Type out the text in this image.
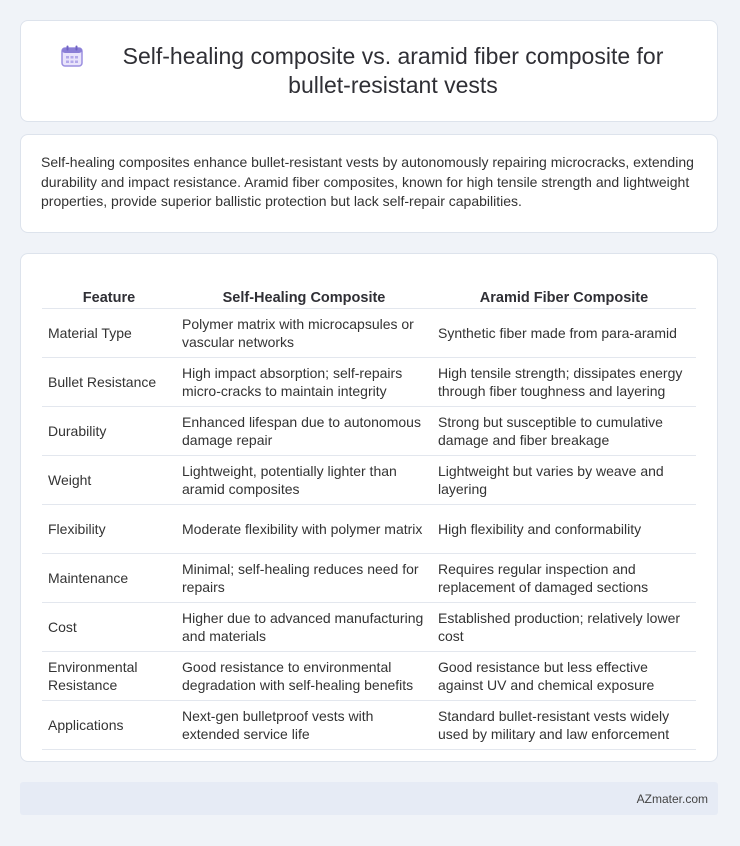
Self-healing composite vs. aramid fiber composite for bullet-resistant vests

Self-healing composites enhance bullet-resistant vests by autonomously repairing microcracks, extending durability and impact resistance. Aramid fiber composites, known for high tensile strength and lightweight properties, provide superior ballistic protection but lack self-repair capabilities.

Feature	Self-Healing Composite	Aramid Fiber Composite
Material Type	Polymer matrix with microcapsules or vascular networks	Synthetic fiber made from para-aramid
Bullet Resistance	High impact absorption; self-repairs micro-cracks to maintain integrity	High tensile strength; dissipates energy through fiber toughness and layering
Durability	Enhanced lifespan due to autonomous damage repair	Strong but susceptible to cumulative damage and fiber breakage
Weight	Lightweight, potentially lighter than aramid composites	Lightweight but varies by weave and layering
Flexibility	Moderate flexibility with polymer matrix	High flexibility and conformability
Maintenance	Minimal; self-healing reduces need for repairs	Requires regular inspection and replacement of damaged sections
Cost	Higher due to advanced manufacturing and materials	Established production; relatively lower cost
Environmental Resistance	Good resistance to environmental degradation with self-healing benefits	Good resistance but less effective against UV and chemical exposure
Applications	Next-gen bulletproof vests with extended service life	Standard bullet-resistant vests widely used by military and law enforcement
AZmater.com
